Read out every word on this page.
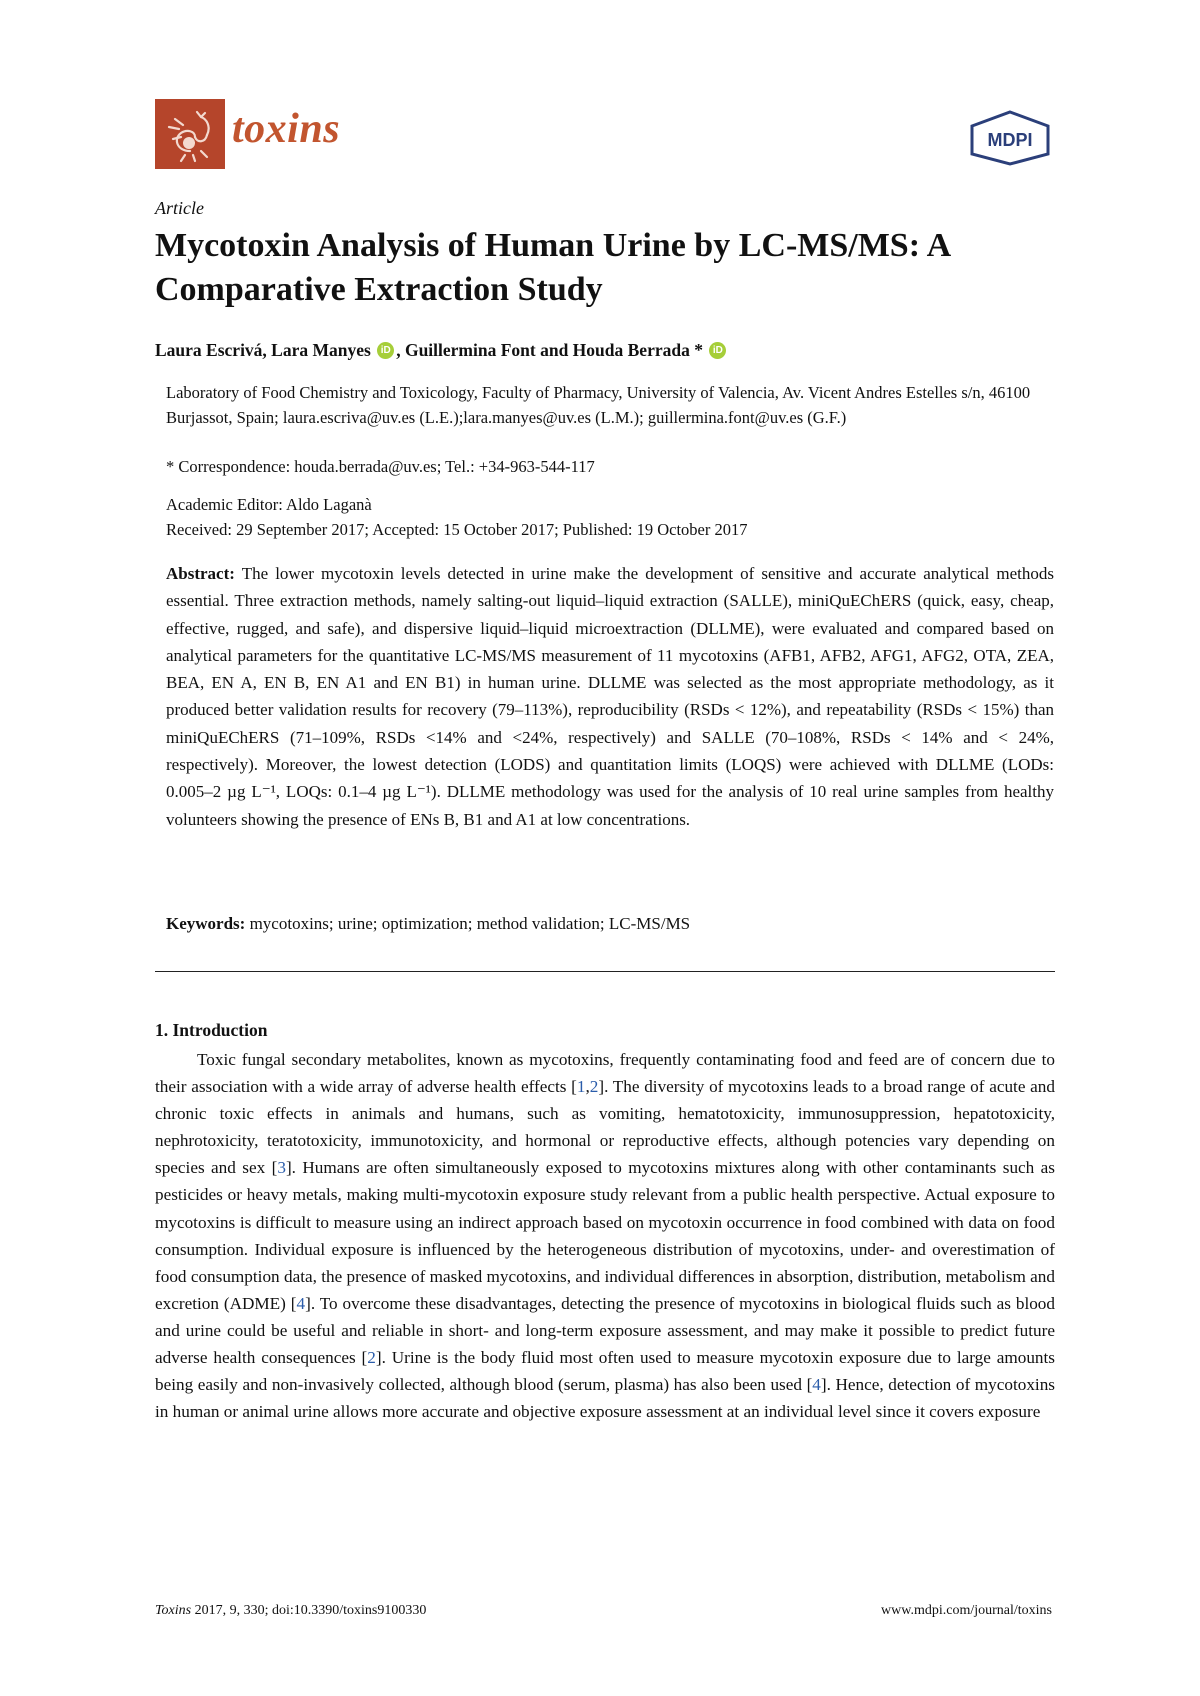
toxins	MDPI
Article
Mycotoxin Analysis of Human Urine by LC-MS/MS: A Comparative Extraction Study
Laura Escrivá, Lara Manyes iD , Guillermina Font and Houda Berrada * iD
Laboratory of Food Chemistry and Toxicology, Faculty of Pharmacy, University of Valencia, Av. Vicent Andres Estelles s/n, 46100 Burjassot, Spain; laura.escriva@uv.es (L.E.);lara.manyes@uv.es (L.M.); guillermina.font@uv.es (G.F.)
* Correspondence: houda.berrada@uv.es; Tel.: +34-963-544-117
Academic Editor: Aldo Laganà
Received: 29 September 2017; Accepted: 15 October 2017; Published: 19 October 2017
Abstract: The lower mycotoxin levels detected in urine make the development of sensitive and accurate analytical methods essential. Three extraction methods, namely salting-out liquid–liquid extraction (SALLE), miniQuEChERS (quick, easy, cheap, effective, rugged, and safe), and dispersive liquid–liquid microextraction (DLLME), were evaluated and compared based on analytical parameters for the quantitative LC-MS/MS measurement of 11 mycotoxins (AFB1, AFB2, AFG1, AFG2, OTA, ZEA, BEA, EN A, EN B, EN A1 and EN B1) in human urine. DLLME was selected as the most appropriate methodology, as it produced better validation results for recovery (79–113%), reproducibility (RSDs < 12%), and repeatability (RSDs < 15%) than miniQuEChERS (71–109%, RSDs <14% and <24%, respectively) and SALLE (70–108%, RSDs < 14% and < 24%, respectively). Moreover, the lowest detection (LODS) and quantitation limits (LOQS) were achieved with DLLME (LODs: 0.005–2 µg L⁻¹, LOQs: 0.1–4 µg L⁻¹). DLLME methodology was used for the analysis of 10 real urine samples from healthy volunteers showing the presence of ENs B, B1 and A1 at low concentrations.
Keywords: mycotoxins; urine; optimization; method validation; LC-MS/MS
1. Introduction
Toxic fungal secondary metabolites, known as mycotoxins, frequently contaminating food and feed are of concern due to their association with a wide array of adverse health effects [1,2]. The diversity of mycotoxins leads to a broad range of acute and chronic toxic effects in animals and humans, such as vomiting, hematotoxicity, immunosuppression, hepatotoxicity, nephrotoxicity, teratotoxicity, immunotoxicity, and hormonal or reproductive effects, although potencies vary depending on species and sex [3]. Humans are often simultaneously exposed to mycotoxins mixtures along with other contaminants such as pesticides or heavy metals, making multi-mycotoxin exposure study relevant from a public health perspective. Actual exposure to mycotoxins is difficult to measure using an indirect approach based on mycotoxin occurrence in food combined with data on food consumption. Individual exposure is influenced by the heterogeneous distribution of mycotoxins, under- and overestimation of food consumption data, the presence of masked mycotoxins, and individual differences in absorption, distribution, metabolism and excretion (ADME) [4]. To overcome these disadvantages, detecting the presence of mycotoxins in biological fluids such as blood and urine could be useful and reliable in short- and long-term exposure assessment, and may make it possible to predict future adverse health consequences [2]. Urine is the body fluid most often used to measure mycotoxin exposure due to large amounts being easily and non-invasively collected, although blood (serum, plasma) has also been used [4]. Hence, detection of mycotoxins in human or animal urine allows more accurate and objective exposure assessment at an individual level since it covers exposure
Toxins 2017, 9, 330; doi:10.3390/toxins9100330	www.mdpi.com/journal/toxins
